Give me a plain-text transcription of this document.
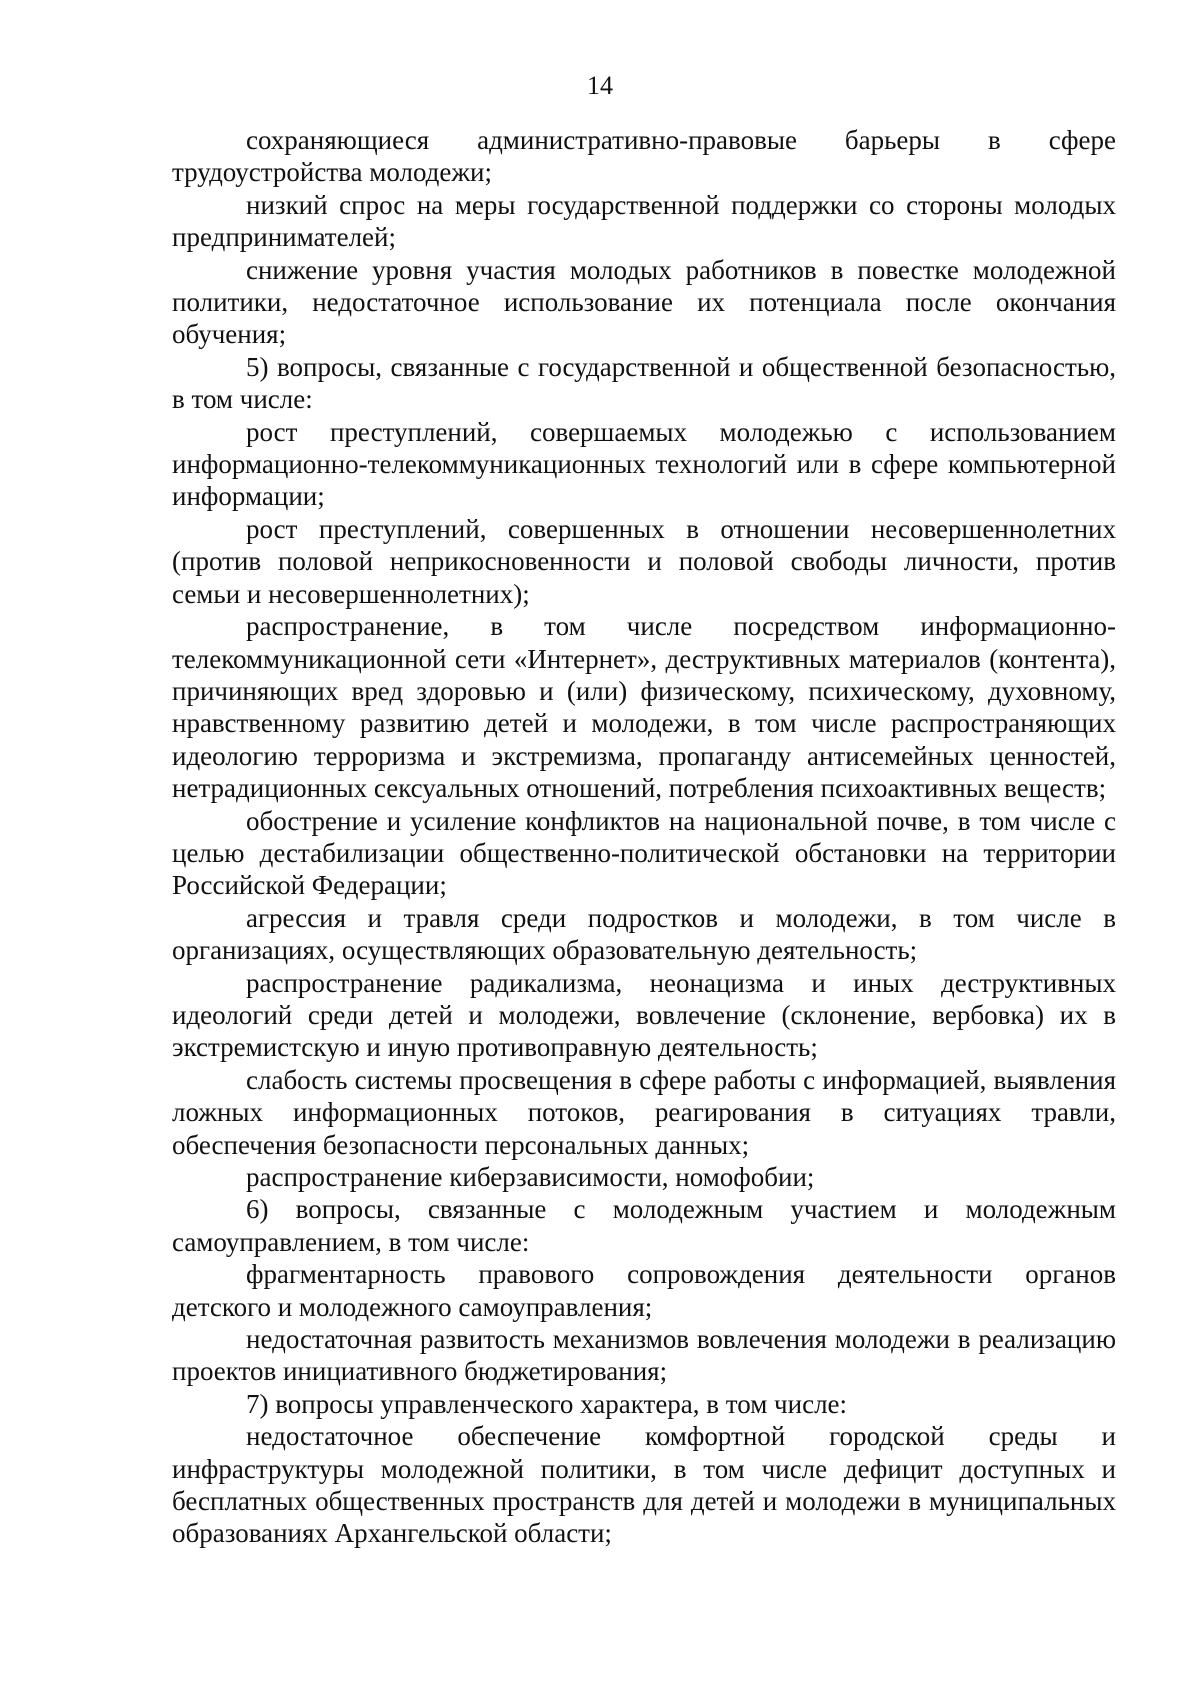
14

сохраняющиеся административно-правовые барьеры в сфере трудоустройства молодежи;

низкий спрос на меры государственной поддержки со стороны молодых предпринимателей;

снижение уровня участия молодых работников в повестке молодежной политики, недостаточное использование их потенциала после окончания обучения;

5) вопросы, связанные с государственной и общественной безопасностью, в том числе:

рост преступлений, совершаемых молодежью с использованием информационно-телекоммуникационных технологий или в сфере компьютерной информации;

рост преступлений, совершенных в отношении несовершеннолетних (против половой неприкосновенности и половой свободы личности, против семьи и несовершеннолетних);

распространение, в том числе посредством информационно-телекоммуникационной сети «Интернет», деструктивных материалов (контента), причиняющих вред здоровью и (или) физическому, психическому, духовному, нравственному развитию детей и молодежи, в том числе распространяющих идеологию терроризма и экстремизма, пропаганду антисемейных ценностей, нетрадиционных сексуальных отношений, потребления психоактивных веществ;

обострение и усиление конфликтов на национальной почве, в том числе с целью дестабилизации общественно-политической обстановки на территории Российской Федерации;

агрессия и травля среди подростков и молодежи, в том числе в организациях, осуществляющих образовательную деятельность;

распространение радикализма, неонацизма и иных деструктивных идеологий среди детей и молодежи, вовлечение (склонение, вербовка) их в экстремистскую и иную противоправную деятельность;

слабость системы просвещения в сфере работы с информацией, выявления ложных информационных потоков, реагирования в ситуациях травли, обеспечения безопасности персональных данных;

распространение киберзависимости, номофобии;

6) вопросы, связанные с молодежным участием и молодежным самоуправлением, в том числе:

фрагментарность правового сопровождения деятельности органов детского и молодежного самоуправления;

недостаточная развитость механизмов вовлечения молодежи в реализацию проектов инициативного бюджетирования;

7) вопросы управленческого характера, в том числе:

недостаточное обеспечение комфортной городской среды и инфраструктуры молодежной политики, в том числе дефицит доступных и бесплатных общественных пространств для детей и молодежи в муниципальных образованиях Архангельской области;
